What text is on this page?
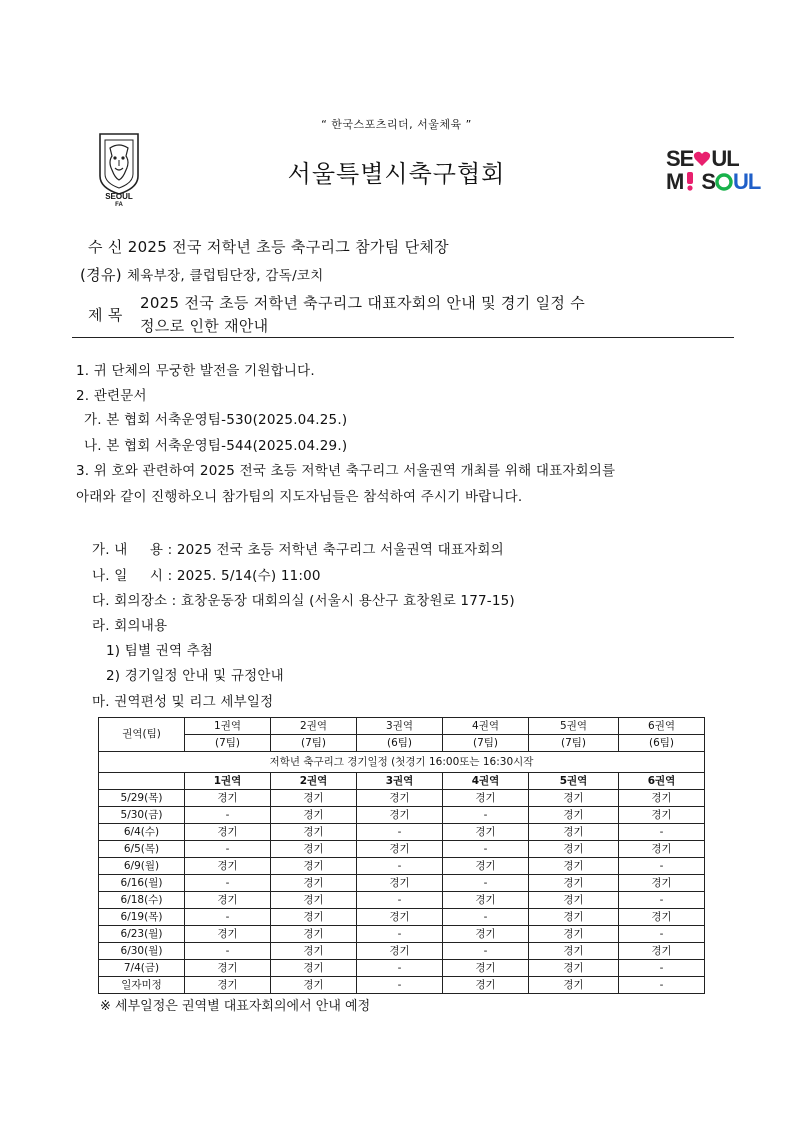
“ 한국스포츠리더, 서울체육 ”
SEOUL
FA
서울특별시축구협회
SE UL
M S UL
수 신 2025 전국 저학년 초등 축구리그 참가팀 단체장
(경유) 체육부장, 클럽팀단장, 감독/코치
제 목
2025 전국 초등 저학년 축구리그 대표자회의 안내 및 경기 일정 수
정으로 인한 재안내
1. 귀 단체의 무궁한 발전을 기원합니다.
2. 관련문서
가. 본 협회 서축운영팀-530(2025.04.25.)
나. 본 협회 서축운영팀-544(2025.04.29.)
3. 위 호와 관련하여 2025 전국 초등 저학년 축구리그 서울권역 개최를 위해 대표자회의를
아래와 같이 진행하오니 참가팀의 지도자님들은 참석하여 주시기 바랍니다.
가. 내     용 : 2025 전국 초등 저학년 축구리그 서울권역 대표자회의
나. 일     시 : 2025. 5/14(수) 11:00
다. 회의장소 : 효창운동장 대회의실 (서울시 용산구 효창원로 177-15)
라. 회의내용
1) 팀별 권역 추첨
2) 경기일정 안내 및 규정안내
마. 권역편성 및 리그 세부일정
권역(팀)	1권역	2권역	3권역	4권역	5권역	6권역
	(7팀)	(7팀)	(6팀)	(7팀)	(7팀)	(6팀)
저학년 축구리그 경기일정 (첫경기 16:00또는 16:30시작						
	1권역	2권역	3권역	4권역	5권역	6권역
5/29(목)	경기	경기	경기	경기	경기	경기
5/30(금)	-	경기	경기	-	경기	경기
6/4(수)	경기	경기	-	경기	경기	-
6/5(목)	-	경기	경기	-	경기	경기
6/9(월)	경기	경기	-	경기	경기	-
6/16(월)	-	경기	경기	-	경기	경기
6/18(수)	경기	경기	-	경기	경기	-
6/19(목)	-	경기	경기	-	경기	경기
6/23(월)	경기	경기	-	경기	경기	-
6/30(월)	-	경기	경기	-	경기	경기
7/4(금)	경기	경기	-	경기	경기	-
일자미정	경기	경기	-	경기	경기	-
※ 세부일정은 권역별 대표자회의에서 안내 예정
